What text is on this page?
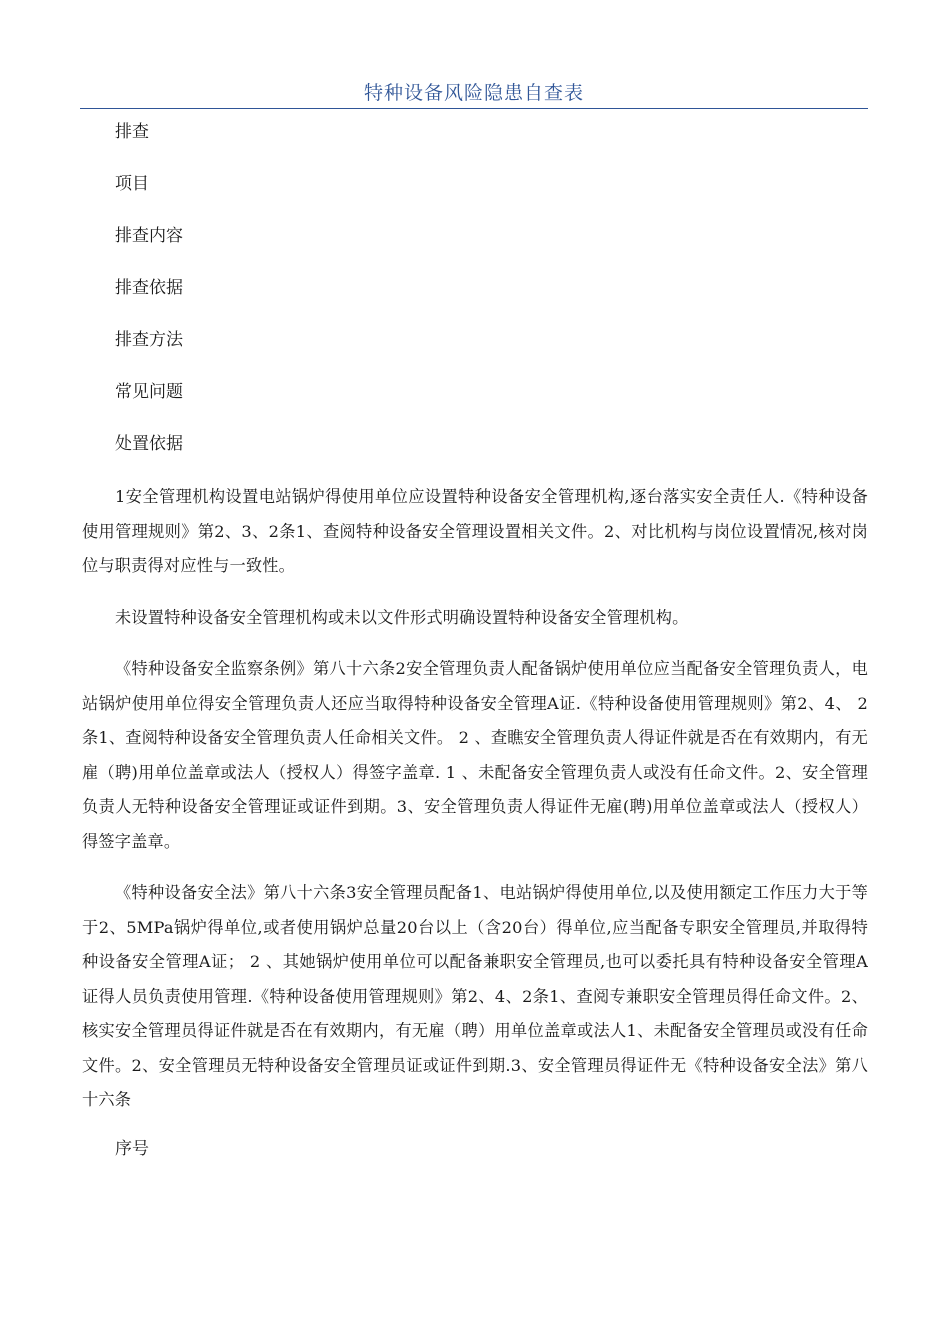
特种设备风险隐患自查表
排查
项目
排查内容
排查依据
排查方法
常见问题
处置依据

1安全管理机构设置电站锅炉得使用单位应设置特种设备安全管理机构,逐台落实安全责任人.《特种设备使用管理规则》第2、3、2条1、查阅特种设备安全管理设置相关文件。2、对比机构与岗位设置情况,核对岗位与职责得对应性与一致性。

未设置特种设备安全管理机构或未以文件形式明确设置特种设备安全管理机构。

《特种设备安全监察条例》第八十六条2安全管理负责人配备锅炉使用单位应当配备安全管理负责人，电站锅炉使用单位得安全管理负责人还应当取得特种设备安全管理A证.《特种设备使用管理规则》第2、4、 2条1、查阅特种设备安全管理负责人任命相关文件。 2 、查瞧安全管理负责人得证件就是否在有效期内，有无雇（聘)用单位盖章或法人（授权人）得签字盖章. 1 、未配备安全管理负责人或没有任命文件。2、安全管理负责人无特种设备安全管理证或证件到期。3、安全管理负责人得证件无雇(聘)用单位盖章或法人（授权人）得签字盖章。

《特种设备安全法》第八十六条3安全管理员配备1、电站锅炉得使用单位,以及使用额定工作压力大于等于2、5MPa锅炉得单位,或者使用锅炉总量20台以上（含20台）得单位,应当配备专职安全管理员,并取得特种设备安全管理A证； 2 、其她锅炉使用单位可以配备兼职安全管理员,也可以委托具有特种设备安全管理A证得人员负责使用管理.《特种设备使用管理规则》第2、4、2条1、查阅专兼职安全管理员得任命文件。2、核实安全管理员得证件就是否在有效期内，有无雇（聘）用单位盖章或法人1、未配备安全管理员或没有任命文件。2、安全管理员无特种设备安全管理员证或证件到期.3、安全管理员得证件无《特种设备安全法》第八十六条

序号
